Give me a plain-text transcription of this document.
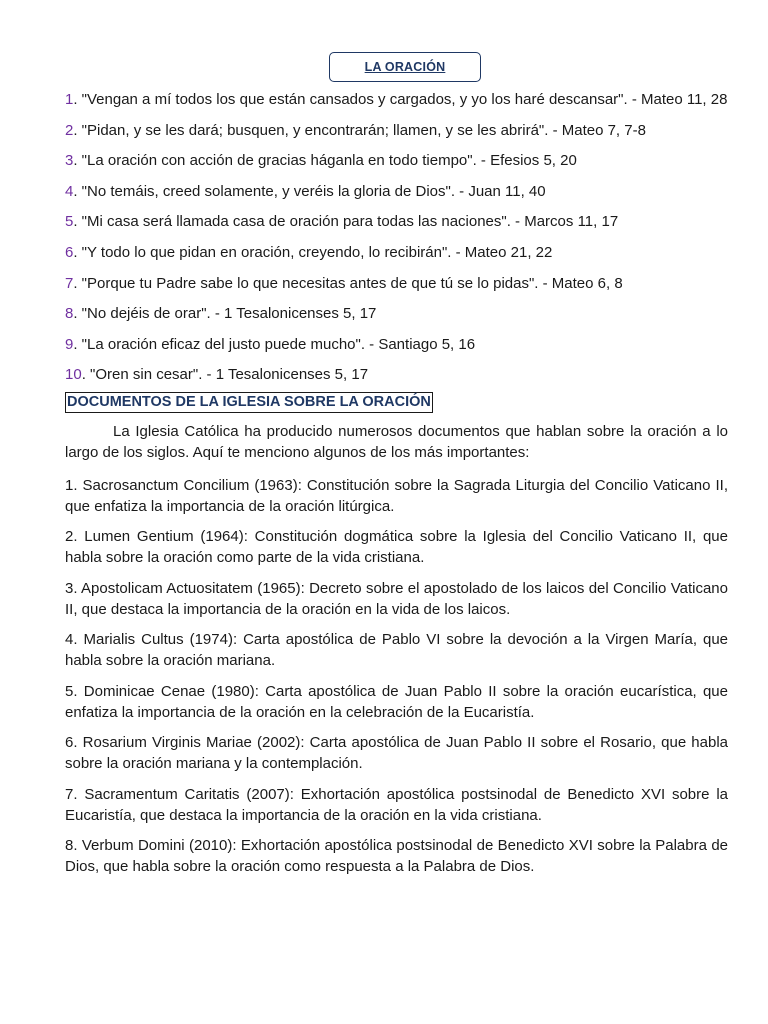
LA ORACIÓN

1. "Vengan a mí todos los que están cansados y cargados, y yo los haré descansar". - Mateo 11, 28

2. "Pidan, y se les dará; busquen, y encontrarán; llamen, y se les abrirá". - Mateo 7, 7-8

3. "La oración con acción de gracias háganla en todo tiempo". - Efesios 5, 20

4. "No temáis, creed solamente, y veréis la gloria de Dios". - Juan 11, 40

5. "Mi casa será llamada casa de oración para todas las naciones". - Marcos 11, 17

6. "Y todo lo que pidan en oración, creyendo, lo recibirán". - Mateo 21, 22

7. "Porque tu Padre sabe lo que necesitas antes de que tú se lo pidas". - Mateo 6, 8

8. "No dejéis de orar". - 1 Tesalonicenses 5, 17

9. "La oración eficaz del justo puede mucho". - Santiago 5, 16

10. "Oren sin cesar". - 1 Tesalonicenses 5, 17

DOCUMENTOS DE LA IGLESIA SOBRE LA ORACIÓN

La Iglesia Católica ha producido numerosos documentos que hablan sobre la oración a lo largo de los siglos. Aquí te menciono algunos de los más importantes:

1. Sacrosanctum Concilium (1963): Constitución sobre la Sagrada Liturgia del Concilio Vaticano II, que enfatiza la importancia de la oración litúrgica.

2. Lumen Gentium (1964): Constitución dogmática sobre la Iglesia del Concilio Vaticano II, que habla sobre la oración como parte de la vida cristiana.

3. Apostolicam Actuositatem (1965): Decreto sobre el apostolado de los laicos del Concilio Vaticano II, que destaca la importancia de la oración en la vida de los laicos.

4. Marialis Cultus (1974): Carta apostólica de Pablo VI sobre la devoción a la Virgen María, que habla sobre la oración mariana.

5. Dominicae Cenae (1980): Carta apostólica de Juan Pablo II sobre la oración eucarística, que enfatiza la importancia de la oración en la celebración de la Eucaristía.

6. Rosarium Virginis Mariae (2002): Carta apostólica de Juan Pablo II sobre el Rosario, que habla sobre la oración mariana y la contemplación.

7. Sacramentum Caritatis (2007): Exhortación apostólica postsinodal de Benedicto XVI sobre la Eucaristía, que destaca la importancia de la oración en la vida cristiana.

8. Verbum Domini (2010): Exhortación apostólica postsinodal de Benedicto XVI sobre la Palabra de Dios, que habla sobre la oración como respuesta a la Palabra de Dios.
